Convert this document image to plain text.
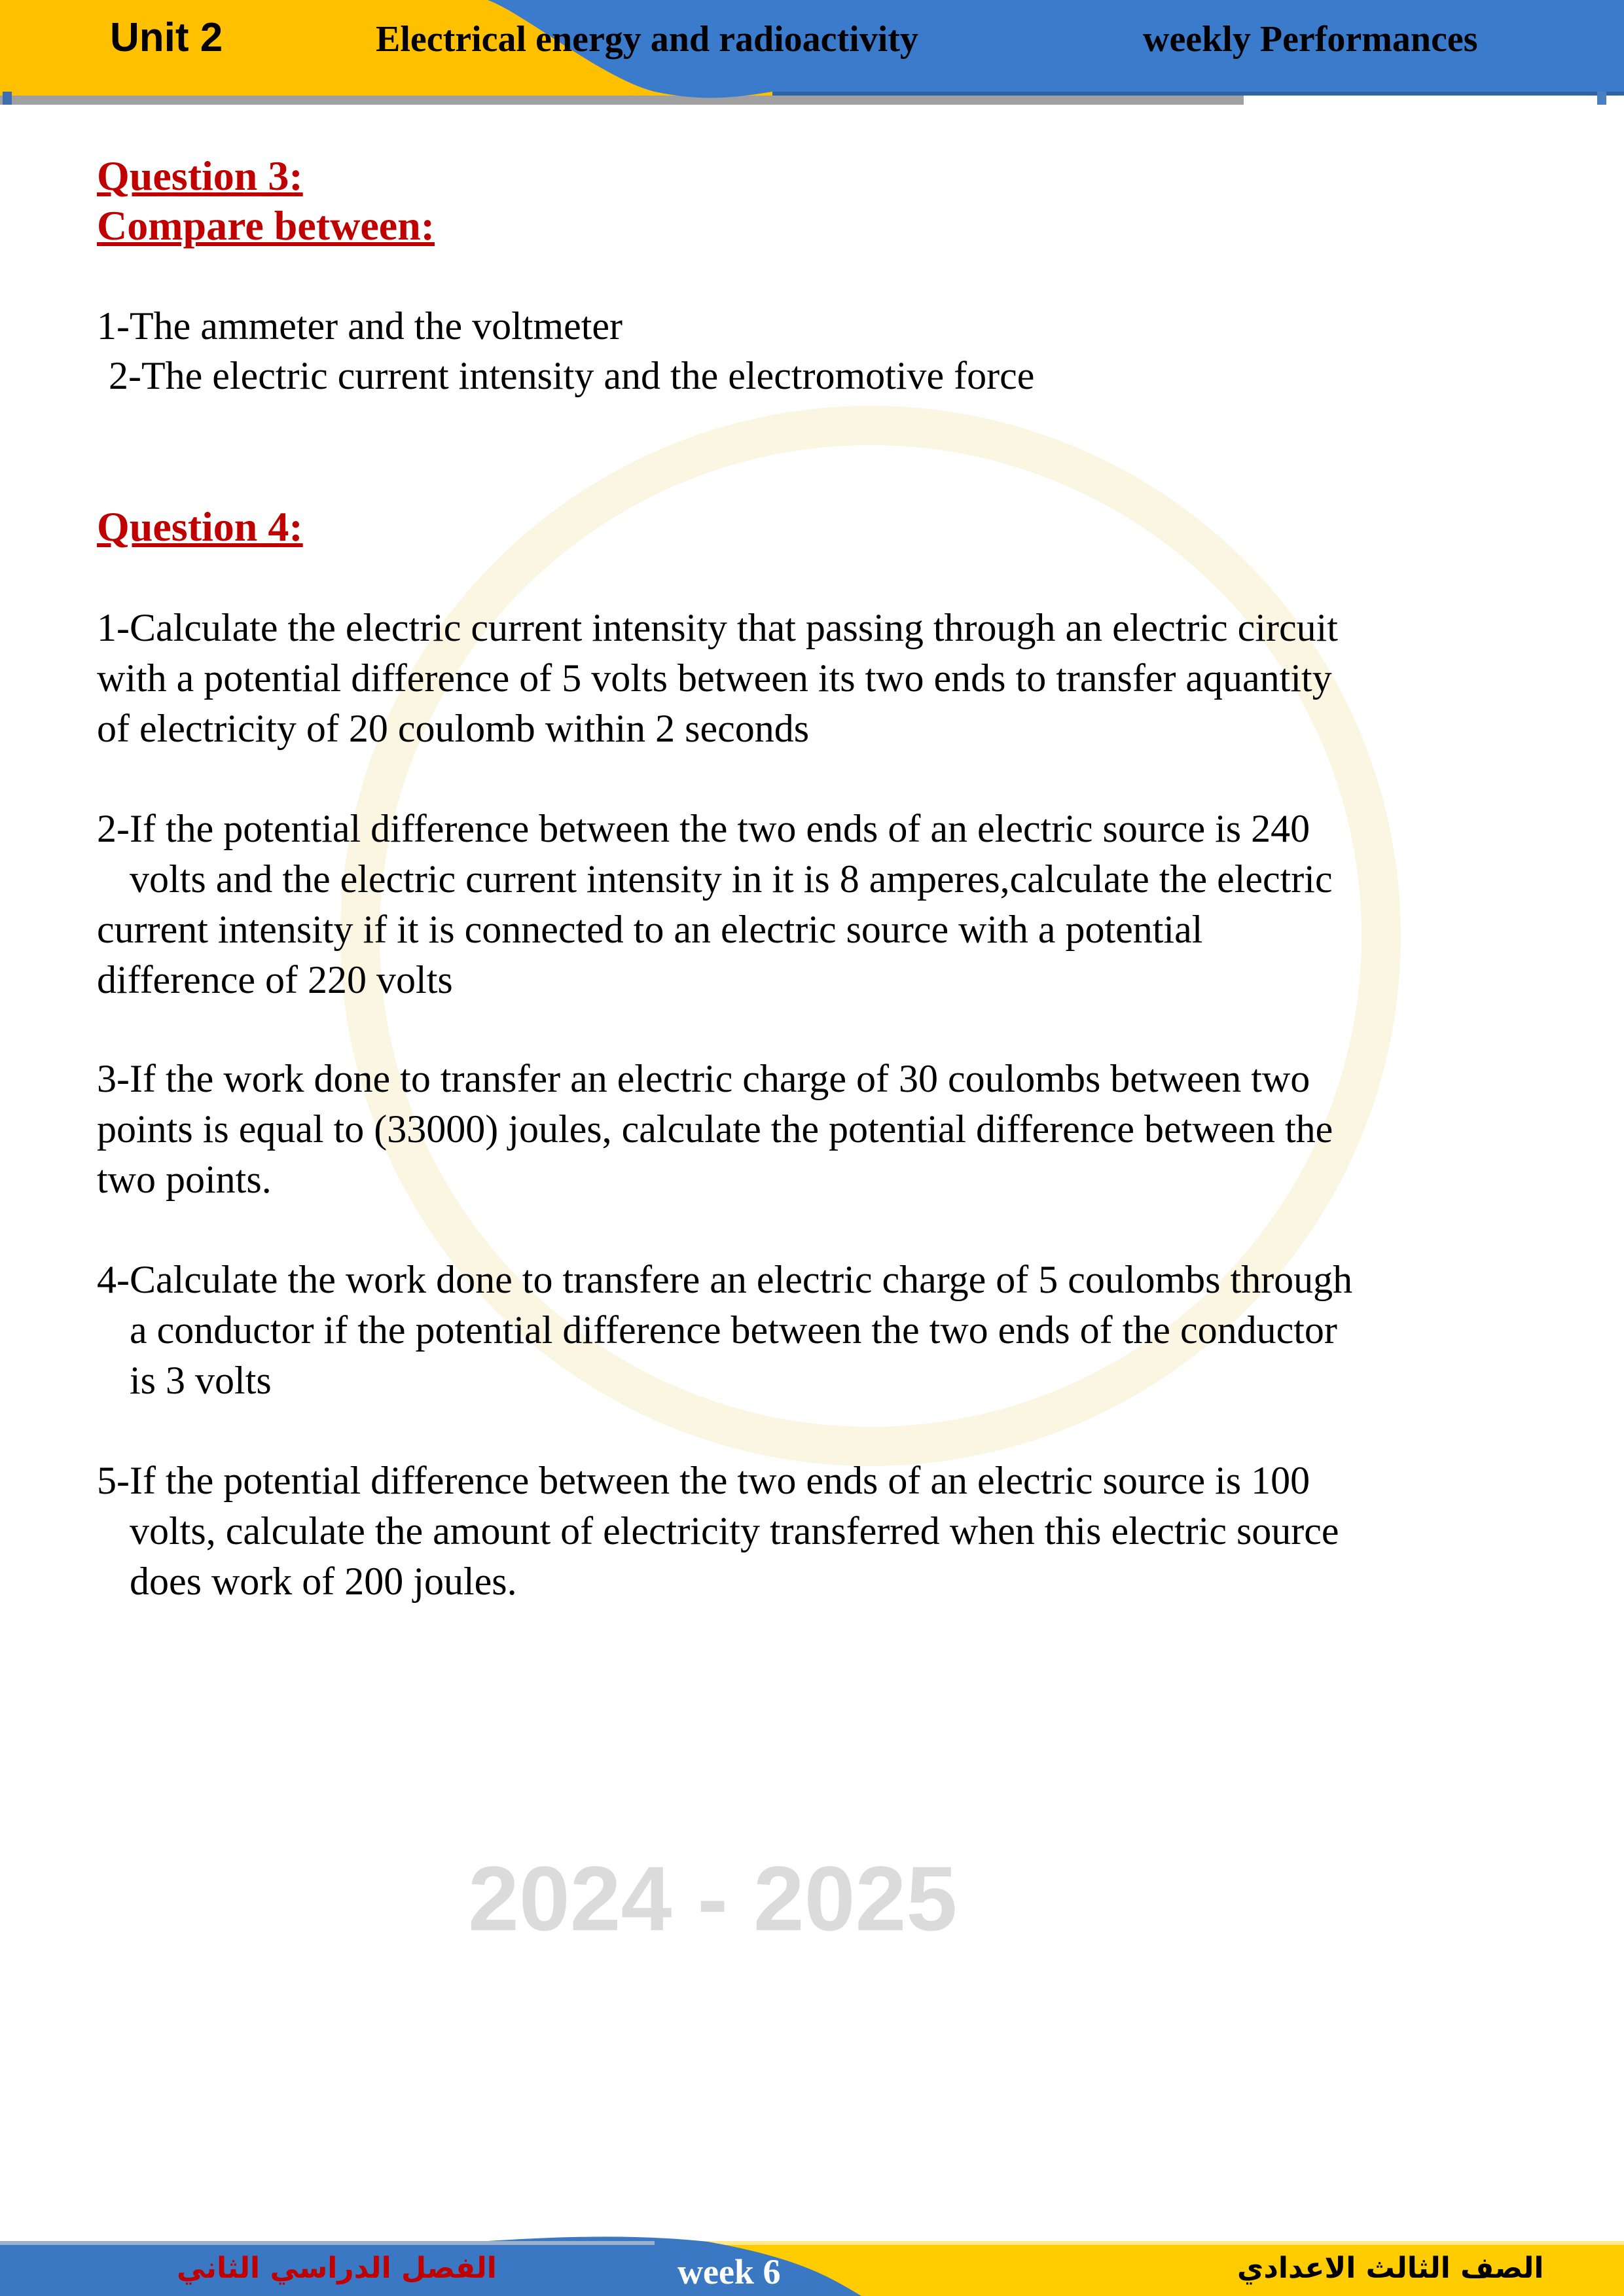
Unit 2	Electrical energy and radioactivity	weekly Performances
2024 - 2025
Question 3:
Compare between:
1-The ammeter and the voltmeter
2-The electric current intensity and the electromotive force
Question 4:
1-Calculate the electric current intensity that passing through an electric circuit
with a potential difference of 5 volts between its two ends to transfer aquantity
of electricity of 20 coulomb within 2 seconds
2-If the potential difference between the two ends of an electric source is 240
volts and the electric current intensity in it is 8 amperes,calculate the electric
current intensity if it is connected to an electric source with a potential
difference of 220 volts
3-If the work done to transfer an electric charge of 30 coulombs between two
points is equal to (33000) joules, calculate the potential difference between the
two points.
4-Calculate the work done to transfere an electric charge of 5 coulombs through
a conductor if the potential difference between the two ends of the conductor
is 3 volts
5-If the potential difference between the two ends of an electric source is 100
volts, calculate the amount of electricity transferred when this electric source
does work of 200 joules.
الفصل الدراسي الثاني	week 6	الصف الثالث الاعدادي
